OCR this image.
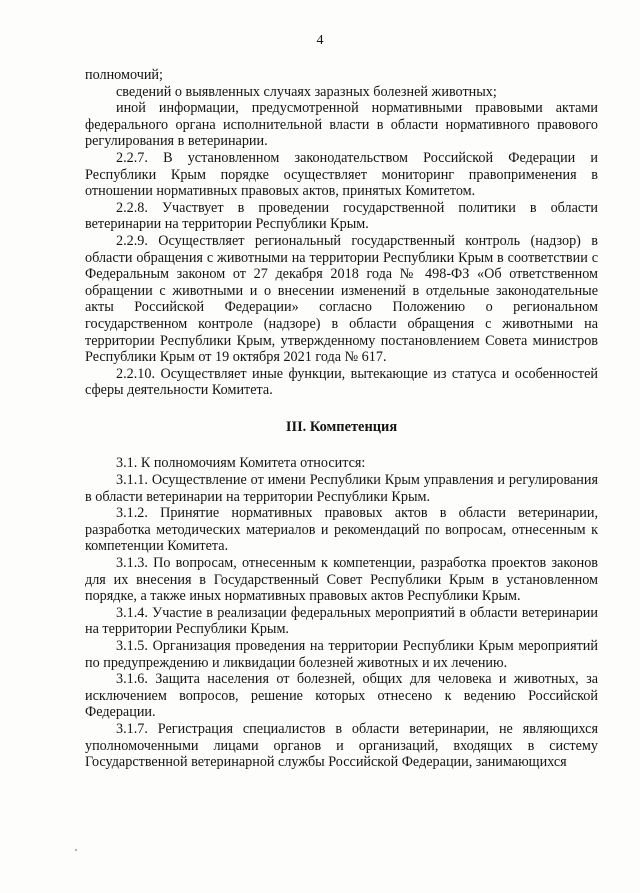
4

полномочий;

сведений о выявленных случаях заразных болезней животных;

иной информации, предусмотренной нормативными правовыми актами федерального органа исполнительной власти в области нормативного правового регулирования в ветеринарии.

2.2.7. В установленном законодательством Российской Федерации и Республики Крым порядке осуществляет мониторинг правоприменения в отношении нормативных правовых актов, принятых Комитетом.

2.2.8. Участвует в проведении государственной политики в области ветеринарии на территории Республики Крым.

2.2.9. Осуществляет региональный государственный контроль (надзор) в области обращения с животными на территории Республики Крым в соответствии с Федеральным законом от 27 декабря 2018 года № 498-ФЗ «Об ответственном обращении с животными и о внесении изменений в отдельные законодательные акты Российской Федерации» согласно Положению о региональном государственном контроле (надзоре) в области обращения с животными на территории Республики Крым, утвержденному постановлением Совета министров Республики Крым от 19 октября 2021 года № 617.

2.2.10. Осуществляет иные функции, вытекающие из статуса и особенностей сферы деятельности Комитета.

III. Компетенция

3.1. К полномочиям Комитета относится:

3.1.1. Осуществление от имени Республики Крым управления и регулирования в области ветеринарии на территории Республики Крым.

3.1.2. Принятие нормативных правовых актов в области ветеринарии, разработка методических материалов и рекомендаций по вопросам, отнесенным к компетенции Комитета.

3.1.3. По вопросам, отнесенным к компетенции, разработка проектов законов для их внесения в Государственный Совет Республики Крым в установленном порядке, а также иных нормативных правовых актов Республики Крым.

3.1.4. Участие в реализации федеральных мероприятий в области ветеринарии на территории Республики Крым.

3.1.5. Организация проведения на территории Республики Крым мероприятий по предупреждению и ликвидации болезней животных и их лечению.

3.1.6. Защита населения от болезней, общих для человека и животных, за исключением вопросов, решение которых отнесено к ведению Российской Федерации.

3.1.7. Регистрация специалистов в области ветеринарии, не являющихся уполномоченными лицами органов и организаций, входящих в систему Государственной ветеринарной службы Российской Федерации, занимающихся
